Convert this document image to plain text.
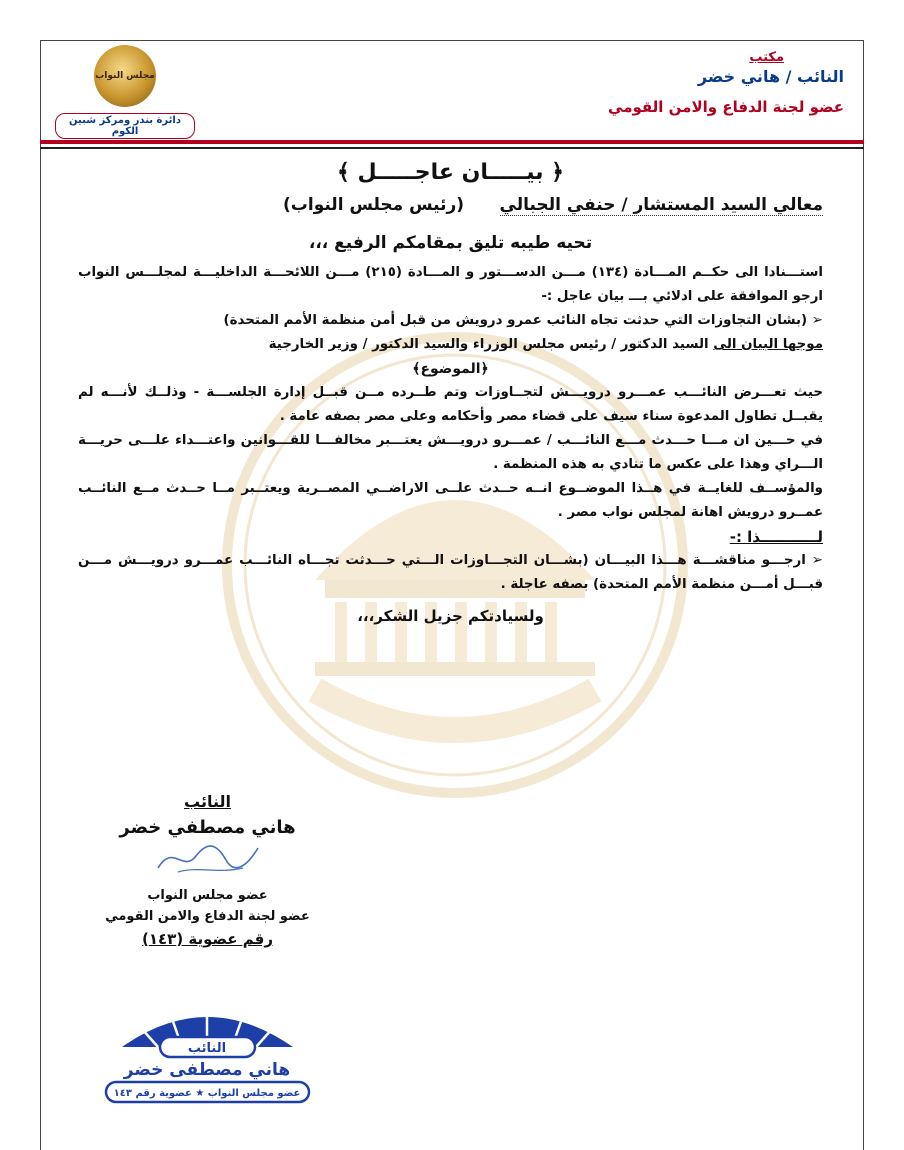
مكتب
النائب / هاني خضر
عضو لجنة الدفاع والامن القومي
مجلس النواب
دائرة بندر ومركز شبين الكوم
﴿ بيـــــان عاجـــــل ﴾
معالي السيد المستشار / حنفي الجبالي      (رئيس مجلس النواب)
تحيه طيبه تليق بمقامكم الرفيع ،،،

استـــنادا الى حكــم المـــادة (١٣٤) مـــن الدســـتور و المـــادة (٢١٥) مـــن اللائحـــة الداخليـــة لمجلـــس النواب ارجو الموافقة على ادلائي بـــ بيان عاجل :-

➢ (بشان التجاوزات التي حدثت تجاه النائب عمرو درويش من قبل أمن منظمة الأمم المتحدة)
موجها البيان الى السيد الدكتور / رئيس مجلس الوزراء والسيد الدكتور / وزير الخارجية
﴿الموضوع﴾

حيث تعـــرض النائـــب عمـــرو درويـــش لتجــاوزات وتم طــرده مــن قبــل إدارة الجلســـة - وذلــك لأنـــه لم يقبــل تطاول المدعوة سناء سيف على قضاء مصر وأحكامه وعلى مصر بصفه عامة .

في حـــين ان مـــا حـــدث مـــع النائـــب / عمـــرو درويـــش يعتـــبر مخالفـــا للقـــوانين واعتـــداء علـــى حريـــة الـــراي وهذا على عكس ما تنادي به هذه المنظمة .

والمؤســف للغايــة في هــذا الموضــوع انــه حــدث علــى الاراضــي المصــرية ويعتــبر مــا حــدث مــع النائــب عمــرو درويش اهانة لمجلس نواب مصر .

لـــــــــــذا :-

➢ ارجـــو مناقشـــة هـــذا البيـــان (بشـــان التجـــاوزات الـــتي حـــدثت تجـــاه النائـــب عمـــرو درويـــش مـــن قبـــل أمـــن منظمة الأمم المتحدة) بصفه عاجلة .

ولسيادتكم جزيل الشكر،،،
النائب
هاني مصطفي خضر
عضو مجلس النواب
عضو لجنة الدفاع والامن القومي
رقم عضوية (١٤٣)
النائب
هاني مصطفى خضر
عضو مجلس النواب ★ عضوية رقم ١٤٣
